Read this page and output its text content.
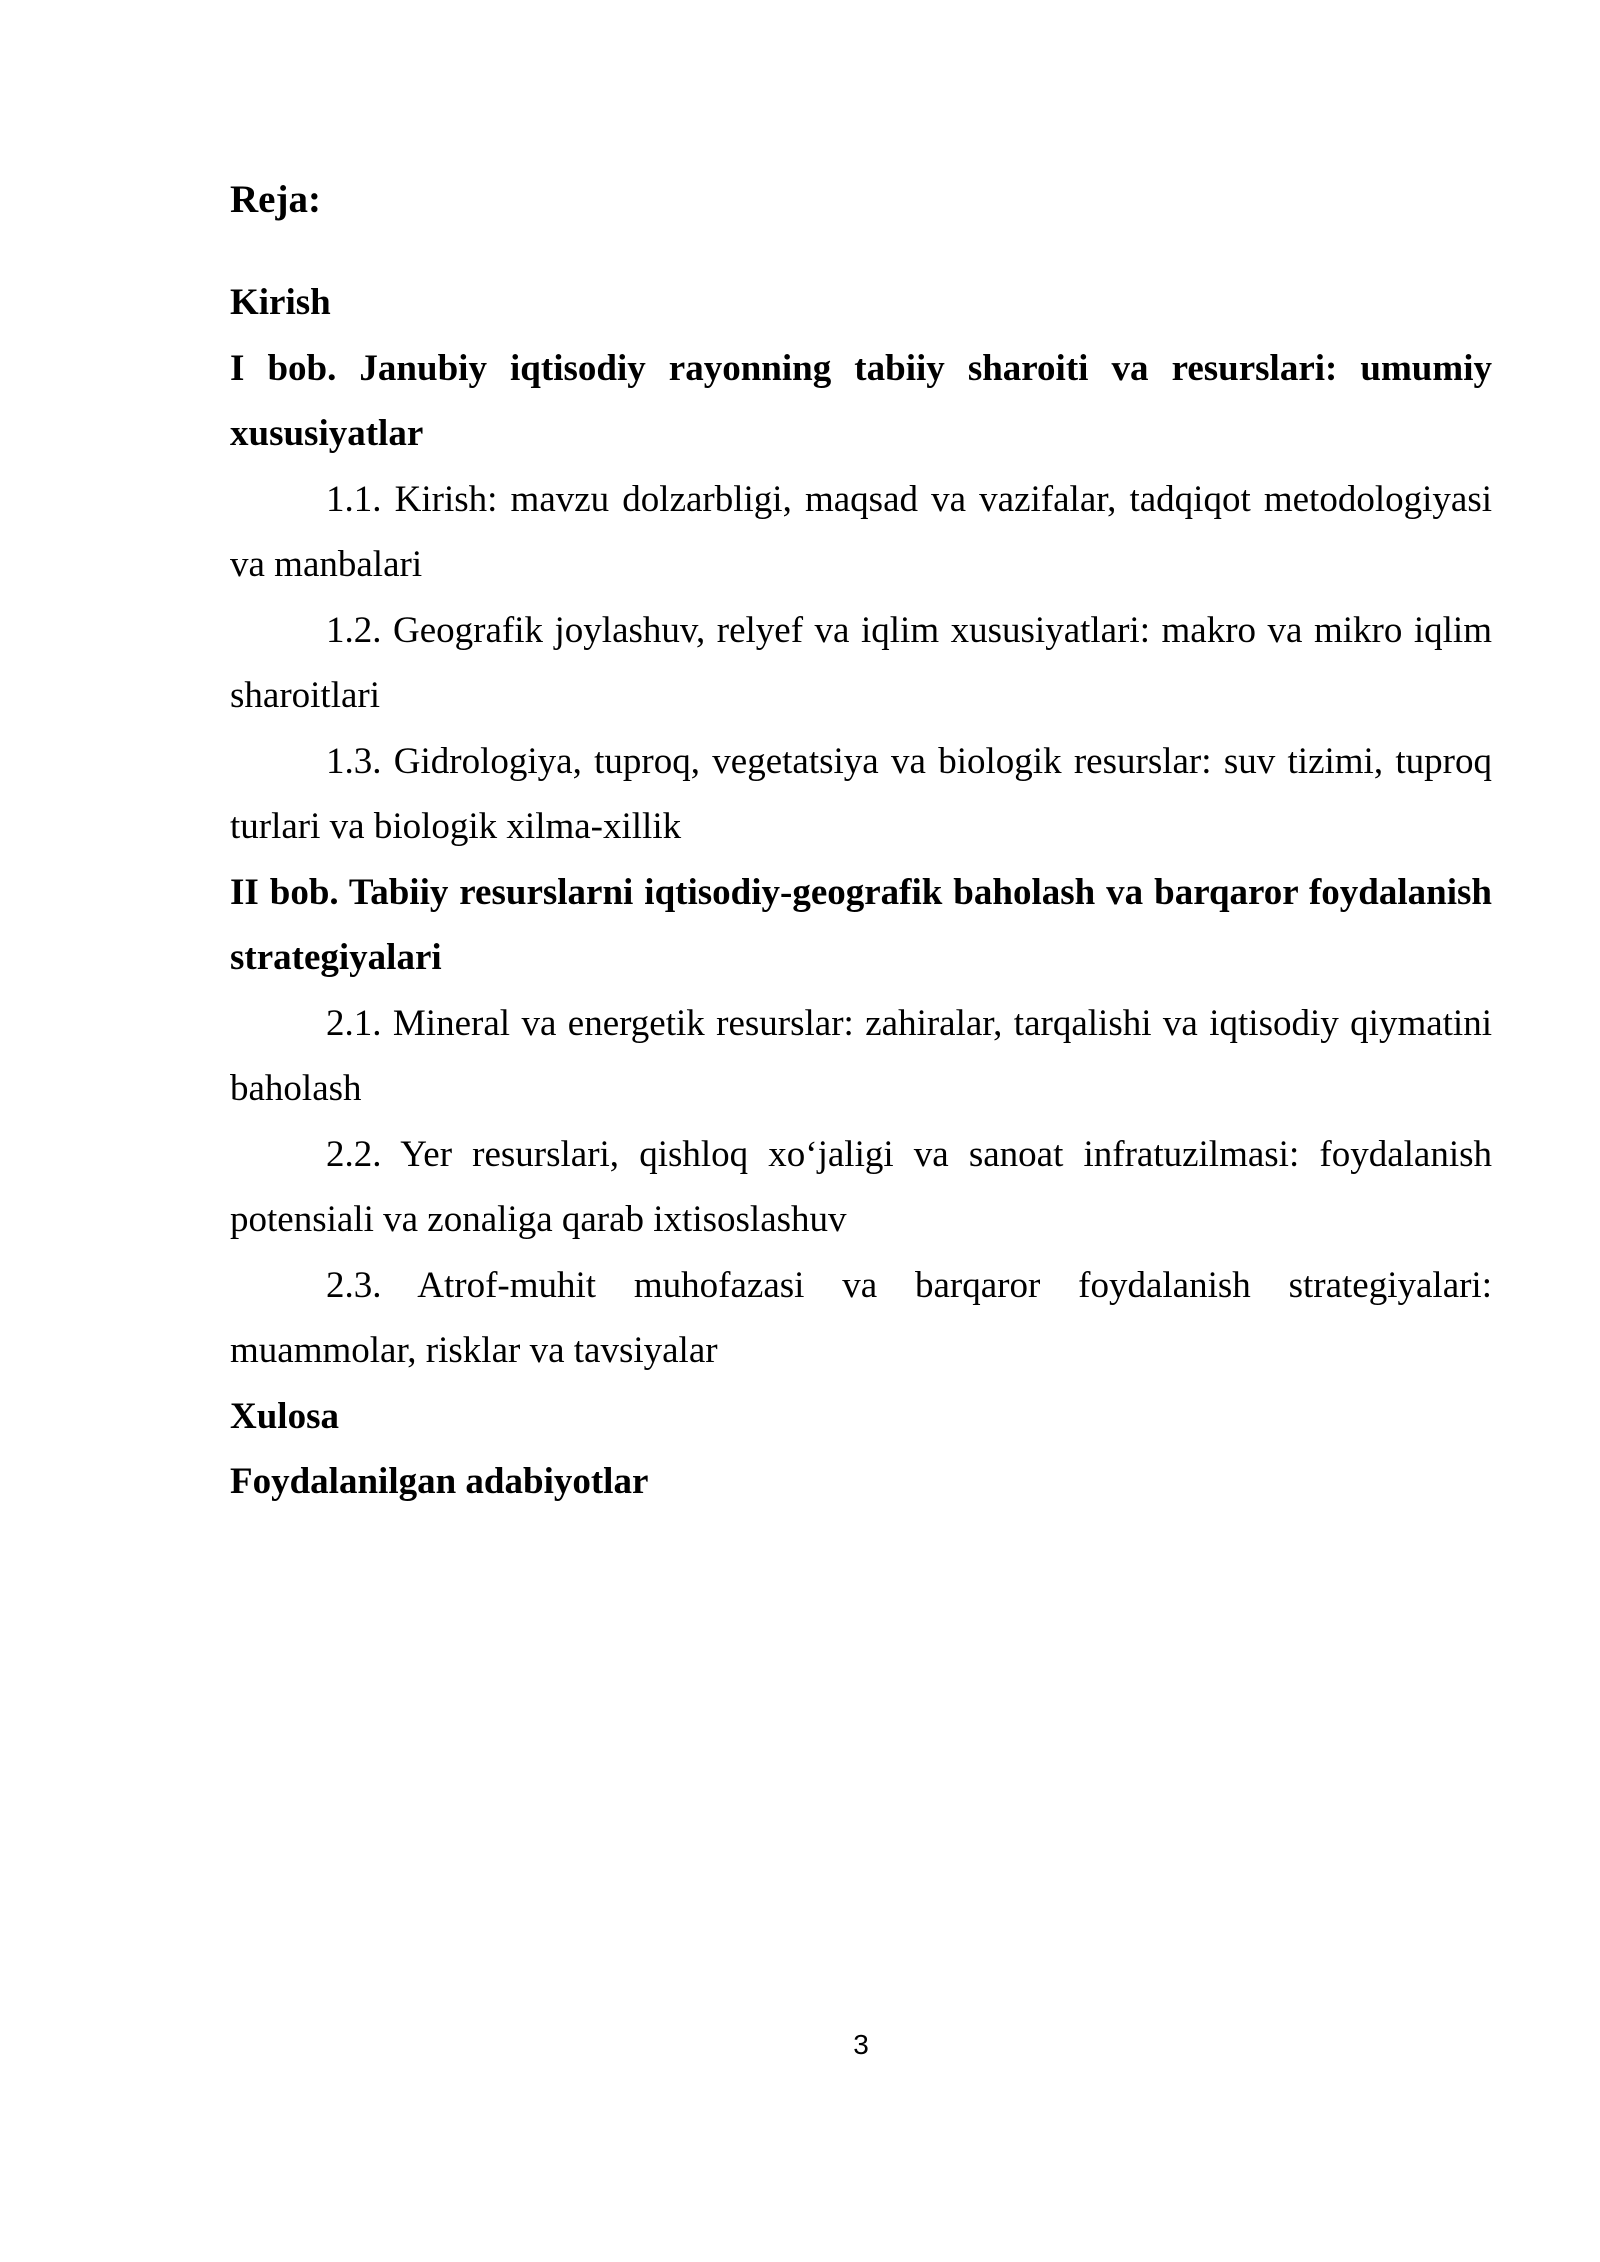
Reja:

Kirish

I bob. Janubiy iqtisodiy rayonning tabiiy sharoiti va resurslari: umumiy xususiyatlar

1.1. Kirish: mavzu dolzarbligi, maqsad va vazifalar, tadqiqot metodologiyasi va manbalari

1.2. Geografik joylashuv, relyef va iqlim xususiyatlari: makro va mikro iqlim sharoitlari

1.3. Gidrologiya, tuproq, vegetatsiya va biologik resurslar: suv tizimi, tuproq turlari va biologik xilma-xillik

II bob. Tabiiy resurslarni iqtisodiy-geografik baholash va barqaror foydalanish strategiyalari

2.1. Mineral va energetik resurslar: zahiralar, tarqalishi va iqtisodiy qiymatini baholash

2.2. Yer resurslari, qishloq xo‘jaligi va sanoat infratuzilmasi: foydalanish potensiali va zonaliga qarab ixtisoslashuv

2.3. Atrof-muhit muhofazasi va barqaror foydalanish strategiyalari: muammolar, risklar va tavsiyalar

Xulosa

Foydalanilgan adabiyotlar

3
